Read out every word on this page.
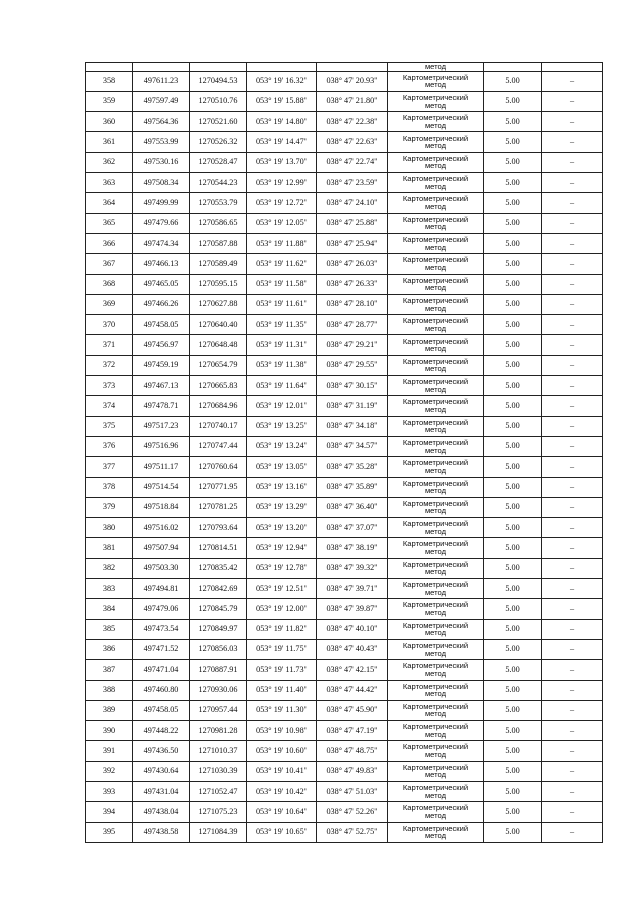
					метод		
358	497611.23	1270494.53	053° 19' 16.32"	038° 47' 20.93"	Картометрический
метод	5.00	–
359	497597.49	1270510.76	053° 19' 15.88"	038° 47' 21.80"	Картометрический
метод	5.00	–
360	497564.36	1270521.60	053° 19' 14.80"	038° 47' 22.38"	Картометрический
метод	5.00	–
361	497553.99	1270526.32	053° 19' 14.47"	038° 47' 22.63"	Картометрический
метод	5.00	–
362	497530.16	1270528.47	053° 19' 13.70"	038° 47' 22.74"	Картометрический
метод	5.00	–
363	497508.34	1270544.23	053° 19' 12.99"	038° 47' 23.59"	Картометрический
метод	5.00	–
364	497499.99	1270553.79	053° 19' 12.72"	038° 47' 24.10"	Картометрический
метод	5.00	–
365	497479.66	1270586.65	053° 19' 12.05"	038° 47' 25.88"	Картометрический
метод	5.00	–
366	497474.34	1270587.88	053° 19' 11.88"	038° 47' 25.94"	Картометрический
метод	5.00	–
367	497466.13	1270589.49	053° 19' 11.62"	038° 47' 26.03"	Картометрический
метод	5.00	–
368	497465.05	1270595.15	053° 19' 11.58"	038° 47' 26.33"	Картометрический
метод	5.00	–
369	497466.26	1270627.88	053° 19' 11.61"	038° 47' 28.10"	Картометрический
метод	5.00	–
370	497458.05	1270640.40	053° 19' 11.35"	038° 47' 28.77"	Картометрический
метод	5.00	–
371	497456.97	1270648.48	053° 19' 11.31"	038° 47' 29.21"	Картометрический
метод	5.00	–
372	497459.19	1270654.79	053° 19' 11.38"	038° 47' 29.55"	Картометрический
метод	5.00	–
373	497467.13	1270665.83	053° 19' 11.64"	038° 47' 30.15"	Картометрический
метод	5.00	–
374	497478.71	1270684.96	053° 19' 12.01"	038° 47' 31.19"	Картометрический
метод	5.00	–
375	497517.23	1270740.17	053° 19' 13.25"	038° 47' 34.18"	Картометрический
метод	5.00	–
376	497516.96	1270747.44	053° 19' 13.24"	038° 47' 34.57"	Картометрический
метод	5.00	–
377	497511.17	1270760.64	053° 19' 13.05"	038° 47' 35.28"	Картометрический
метод	5.00	–
378	497514.54	1270771.95	053° 19' 13.16"	038° 47' 35.89"	Картометрический
метод	5.00	–
379	497518.84	1270781.25	053° 19' 13.29"	038° 47' 36.40"	Картометрический
метод	5.00	–
380	497516.02	1270793.64	053° 19' 13.20"	038° 47' 37.07"	Картометрический
метод	5.00	–
381	497507.94	1270814.51	053° 19' 12.94"	038° 47' 38.19"	Картометрический
метод	5.00	–
382	497503.30	1270835.42	053° 19' 12.78"	038° 47' 39.32"	Картометрический
метод	5.00	–
383	497494.81	1270842.69	053° 19' 12.51"	038° 47' 39.71"	Картометрический
метод	5.00	–
384	497479.06	1270845.79	053° 19' 12.00"	038° 47' 39.87"	Картометрический
метод	5.00	–
385	497473.54	1270849.97	053° 19' 11.82"	038° 47' 40.10"	Картометрический
метод	5.00	–
386	497471.52	1270856.03	053° 19' 11.75"	038° 47' 40.43"	Картометрический
метод	5.00	–
387	497471.04	1270887.91	053° 19' 11.73"	038° 47' 42.15"	Картометрический
метод	5.00	–
388	497460.80	1270930.06	053° 19' 11.40"	038° 47' 44.42"	Картометрический
метод	5.00	–
389	497458.05	1270957.44	053° 19' 11.30"	038° 47' 45.90"	Картометрический
метод	5.00	–
390	497448.22	1270981.28	053° 19' 10.98"	038° 47' 47.19"	Картометрический
метод	5.00	–
391	497436.50	1271010.37	053° 19' 10.60"	038° 47' 48.75"	Картометрический
метод	5.00	–
392	497430.64	1271030.39	053° 19' 10.41"	038° 47' 49.83"	Картометрический
метод	5.00	–
393	497431.04	1271052.47	053° 19' 10.42"	038° 47' 51.03"	Картометрический
метод	5.00	–
394	497438.04	1271075.23	053° 19' 10.64"	038° 47' 52.26"	Картометрический
метод	5.00	–
395	497438.58	1271084.39	053° 19' 10.65"	038° 47' 52.75"	Картометрический
метод	5.00	–
